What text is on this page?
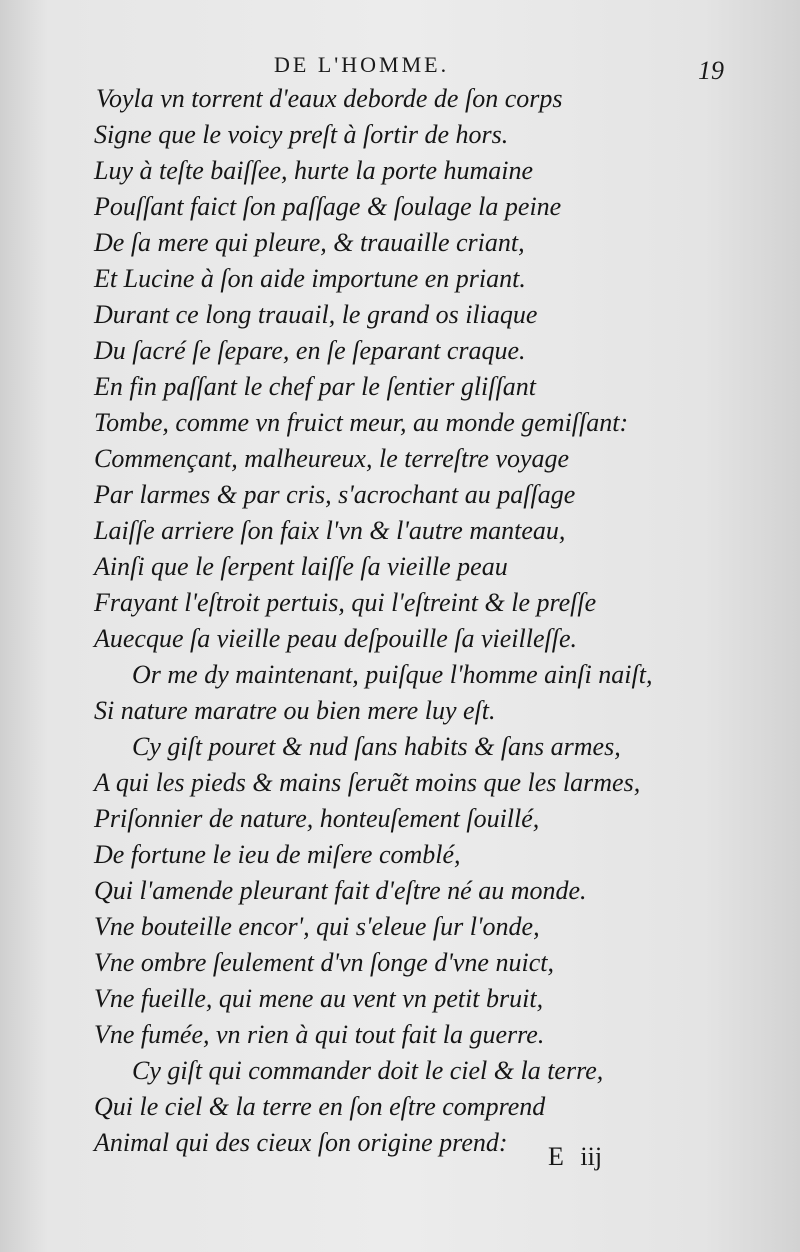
DE L'HOMME.	19
Voyla vn torrent d'eaux deborde de ſon corps
Signe que le voicy preſt à ſortir de hors.
Luy à teſte baiſſee, hurte la porte humaine
Pouſſant faict ſon paſſage & ſoulage la peine
De ſa mere qui pleure, & trauaille criant,
Et Lucine à ſon aide importune en priant.
Durant ce long trauail, le grand os iliaque
Du ſacré ſe ſepare, en ſe ſeparant craque.
En fin paſſant le chef par le ſentier gliſſant
Tombe, comme vn fruict meur, au monde gemiſſant:
Commençant, malheureux, le terreſtre voyage
Par larmes & par cris, s'acrochant au paſſage
Laiſſe arriere ſon faix l'vn & l'autre manteau,
Ainſi que le ſerpent laiſſe ſa vieille peau
Frayant l'eſtroit pertuis, qui l'eſtreint & le preſſe
Auecque ſa vieille peau deſpouille ſa vieilleſſe.
Or me dy maintenant, puiſque l'homme ainſi naiſt,
Si nature maratre ou bien mere luy eſt.
Cy giſt pouret & nud ſans habits & ſans armes,
A qui les pieds & mains ſeruẽt moins que les larmes,
Priſonnier de nature, honteuſement ſouillé,
De fortune le ieu de miſere comblé,
Qui l'amende pleurant fait d'eſtre né au monde.
Vne bouteille encor', qui s'eleue ſur l'onde,
Vne ombre ſeulement d'vn ſonge d'vne nuict,
Vne fueille, qui mene au vent vn petit bruit,
Vne fumée, vn rien à qui tout fait la guerre.
Cy giſt qui commander doit le ciel & la terre,
Qui le ciel & la terre en ſon eſtre comprend
Animal qui des cieux ſon origine prend: E iij
